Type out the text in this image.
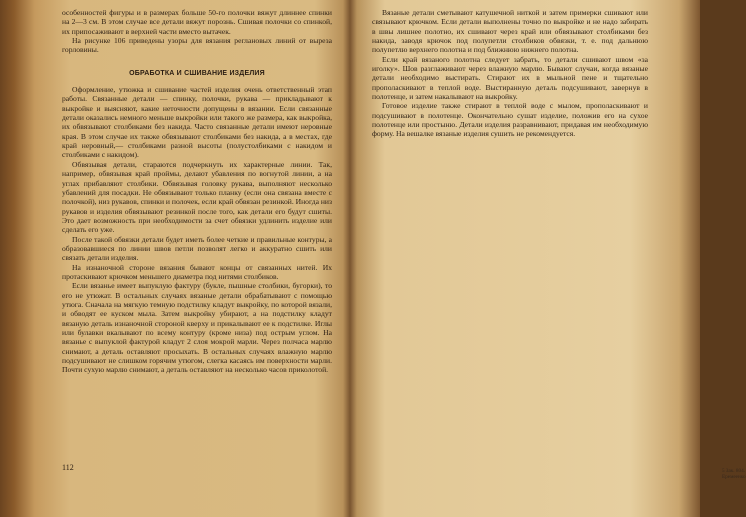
особенностей фигуры и в размерах больше 50-го полочки вяжут длиннее спинки на 2—3 см. В этом случае все детали вяжут порознь. Сшивая полочки со спинкой, их припосаживают в верхней части вместо вытачек.

На рисунке 106 приведены узоры для вязания реглановых линий от выреза горловины.

ОБРАБОТКА И СШИВАНИЕ ИЗДЕЛИЯ

Оформление, утюжка и сшивание частей изделия очень ответственный этап работы. Связанные детали — спинку, полочки, рукава — прикладывают к выкройке и выясняют, какие неточности допущены в вязании. Если связанные детали оказались немного меньше выкройки или такого же размера, как выкройка, их обвязывают столбиками без накида. Часто связанные детали имеют неровные края. В этом случае их также обвязывают столбиками без накида, а в местах, где край неровный,— столбиками разной высоты (полустолбиками с накидом и столбиками с накидом).

Обвязывая детали, стараются подчеркнуть их характерные линии. Так, например, обвязывая край проймы, делают убавления по вогнутой линии, а на углах прибавляют столбики. Обвязывая головку рукава, выполняют несколько убавлений для посадки. Не обвязывают только планку (если она связана вместе с полочкой), низ рукавов, спинки и полочек, если край обвязан резинкой. Иногда низ рукавов и изделия обвязывают резинкой после того, как детали его будут сшиты. Это дает возможность при необходимости за счет обвязки удлинить изделие или сделать его уже.

После такой обвязки детали будет иметь более четкие и правильные контуры, а образовавшиеся по линии швов петли позволят легко и аккуратно сшить или связать детали изделия.

На изнаночной стороне вязания бывают концы от связанных нитей. Их протаскивают крючком меньшего диаметра под нитями столбиков.

Если вязанье имеет выпуклую фактуру (букле, пышные столбики, бугорки), то его не утюжат. В остальных случаях вязаные детали обрабатывают с помощью утюга. Сначала на мягкую темную подстилку кладут выкройку, по которой вязали, и обводят ее куском мыла. Затем выкройку убирают, а на подстилку кладут вязаную деталь изнаночной стороной кверху и прикалывают ее к подстилке. Иглы или булавки вкалывают по всему контуру (кроме низа) под острым углом. На вязанье с выпуклой фактурой кладут 2 слоя мокрой марли. Через полчаса марлю снимают, а деталь оставляют просыхать. В остальных случаях влажную марлю подсушивают не слишком горячим утюгом, слегка касаясь им поверхности марли. Почти сухую марлю снимают, а деталь оставляют на несколько часов приколотой.

112

Вязаные детали сметывают катушечной ниткой и затем примерки сшивают или связывают крючком. Если детали выполнены точно по выкройке и не надо забирать в швы лишнее полотно, их сшивают через край или обвязывают столбиками без накида, заводя крючок под полупетли столбиков обвязки, т. е. под дальнюю полупетлю верхнего полотна и под ближнюю нижнего полотна.

Если край вязаного полотна следует забрать, то детали сшивают швом «за иголку». Шов разглаживают через влажную марлю. Бывают случаи, когда вязаные детали необходимо выстирать. Стирают их в мыльной пене и тщательно прополаскивают в теплой воде. Выстиранную деталь подсушивают, завернув в полотенце, и затем накалывают на выкройку.

Готовое изделие также стирают в теплой воде с мылом, прополаскивают и подсушивают в полотенце. Окончательно сушат изделие, положив его на сухое полотенце или простыню. Детали изделия разравнивают, придавая им необходимую форму. На вешалке вязаные изделия сушить не рекомендуется.

5 Зак. 804. Еремеенко
